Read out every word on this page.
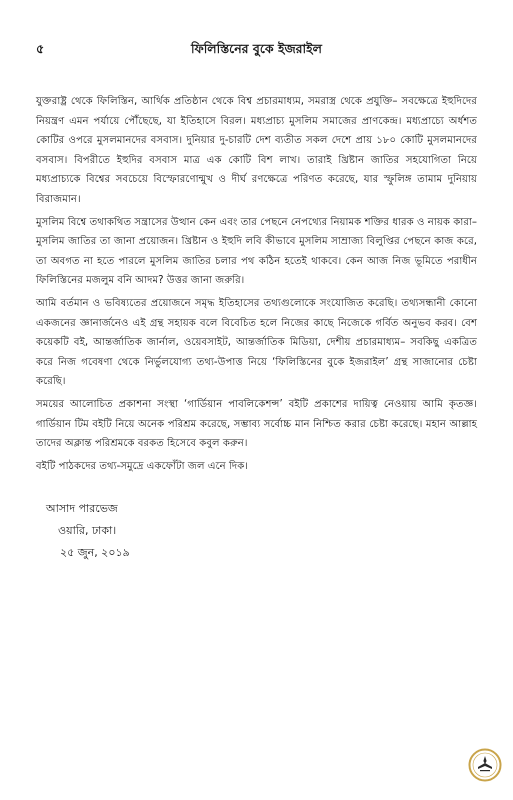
৫	ফিলিস্তিনের বুকে ইজরাইল

যুক্তরাষ্ট্র থেকে ফিলিস্তিন, আর্থিক প্রতিষ্ঠান থেকে বিশ্ব প্রচারমাধ্যম, সমরাস্ত্র থেকে প্রযুক্তি– সবক্ষেত্রে ইহুদিদের নিয়ন্ত্রণ এমন পর্যায়ে পৌঁছেছে, যা ইতিহাসে বিরল। মধ্যপ্রাচ্য মুসলিম সমাজের প্রাণকেন্দ্র। মধ্যপ্রাচ্যে অর্ধশত কোটির ওপরে মুসলমানদের বসবাস। দুনিয়ার দু-চারটি দেশ ব্যতীত সকল দেশে প্রায় ১৮০ কোটি মুসলমানদের বসবাস। বিপরীতে ইহুদির বসবাস মাত্র এক কোটি বিশ লাখ। তারাই খ্রিষ্টান জাতির সহযোগিতা নিয়ে মধ্যপ্রাচ্যকে বিশ্বের সবচেয়ে বিস্ফোরণোন্মুখ ও দীর্ঘ রণক্ষেত্রে পরিণত করেছে, যার স্ফুলিঙ্গ তামাম দুনিয়ায় বিরাজমান।

মুসলিম বিশ্বে তথাকথিত সন্ত্রাসের উত্থান কেন এবং তার পেছনে নেপথ্যের নিয়ামক শক্তির ধারক ও নায়ক কারা– মুসলিম জাতির তা জানা প্রয়োজন। খ্রিষ্টান ও ইহুদি লবি কীভাবে মুসলিম সাম্রাজ্য বিলুপ্তির পেছনে কাজ করে, তা অবগত না হতে পারলে মুসলিম জাতির চলার পথ কঠিন হতেই থাকবে। কেন আজ নিজ ভূমিতে পরাধীন ফিলিস্তিনের মজলুম বনি আদম? উত্তর জানা জরুরি।

আমি বর্তমান ও ভবিষ্যতের প্রয়োজনে সমৃদ্ধ ইতিহাসের তথ্যগুলোকে সংযোজিত করেছি। তথ্যসন্ধানী কোনো একজনের জ্ঞানার্জনেও এই গ্রন্থ সহায়ক বলে বিবেচিত হলে নিজের কাছে নিজেকে গর্বিত অনুভব করব। বেশ কয়েকটি বই, আন্তর্জাতিক জার্নাল, ওয়েবসাইট, আন্তর্জাতিক মিডিয়া, দেশীয় প্রচারমাধ্যম– সবকিছু একত্রিত করে নিজ গবেষণা থেকে নির্ভুলযোগ্য তথ্য-উপাত্ত নিয়ে ‘ফিলিস্তিনের বুকে ইজরাইল’ গ্রন্থ সাজানোর চেষ্টা করেছি।

সময়ের আলোচিত প্রকাশনা সংস্থা ‘গার্ডিয়ান পাবলিকেশন্স’ বইটি প্রকাশের দায়িত্ব নেওয়ায় আমি কৃতজ্ঞ। গার্ডিয়ান টিম বইটি নিয়ে অনেক পরিশ্রম করেছে, সম্ভাব্য সর্বোচ্চ মান নিশ্চিত করার চেষ্টা করেছে। মহান আল্লাহ তাদের অক্লান্ত পরিশ্রমকে বরকত হিসেবে কবুল করুন।

বইটি পাঠকদের তথ্য-সমুদ্রে একফোঁটা জল এনে দিক।

আসাদ পারভেজ
ওয়ারি, ঢাকা।
২৫ জুন, ২০১৯
